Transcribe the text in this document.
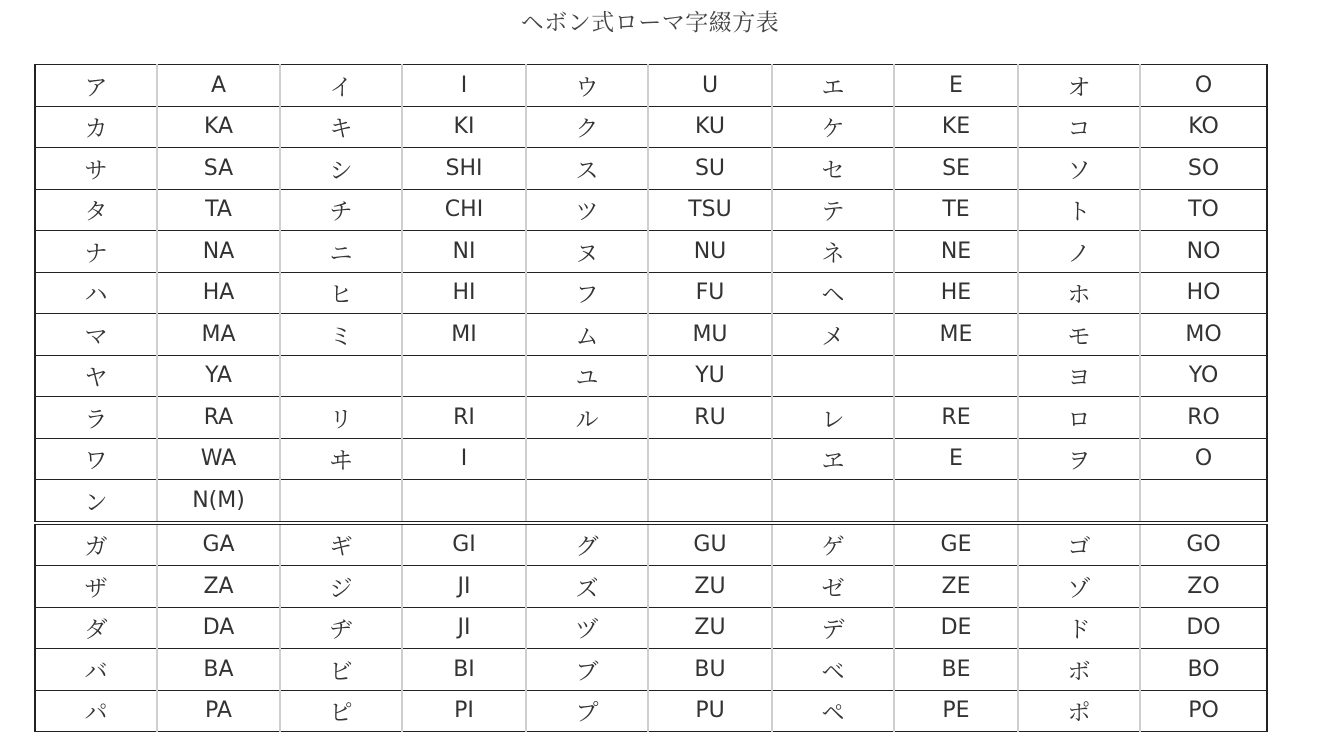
ヘボン式ローマ字綴方表
ア	A	イ	I	ウ	U	エ	E	オ	O
カ	KA	キ	KI	ク	KU	ケ	KE	コ	KO
サ	SA	シ	SHI	ス	SU	セ	SE	ソ	SO
タ	TA	チ	CHI	ツ	TSU	テ	TE	ト	TO
ナ	NA	ニ	NI	ヌ	NU	ネ	NE	ノ	NO
ハ	HA	ヒ	HI	フ	FU	ヘ	HE	ホ	HO
マ	MA	ミ	MI	ム	MU	メ	ME	モ	MO
ヤ	YA			ユ	YU			ヨ	YO
ラ	RA	リ	RI	ル	RU	レ	RE	ロ	RO
ワ	WA	ヰ	I			ヱ	E	ヲ	O
ン	N(M)								
ガ	GA	ギ	GI	グ	GU	ゲ	GE	ゴ	GO
ザ	ZA	ジ	JI	ズ	ZU	ゼ	ZE	ゾ	ZO
ダ	DA	ヂ	JI	ヅ	ZU	デ	DE	ド	DO
バ	BA	ビ	BI	ブ	BU	ベ	BE	ボ	BO
パ	PA	ピ	PI	プ	PU	ペ	PE	ポ	PO
